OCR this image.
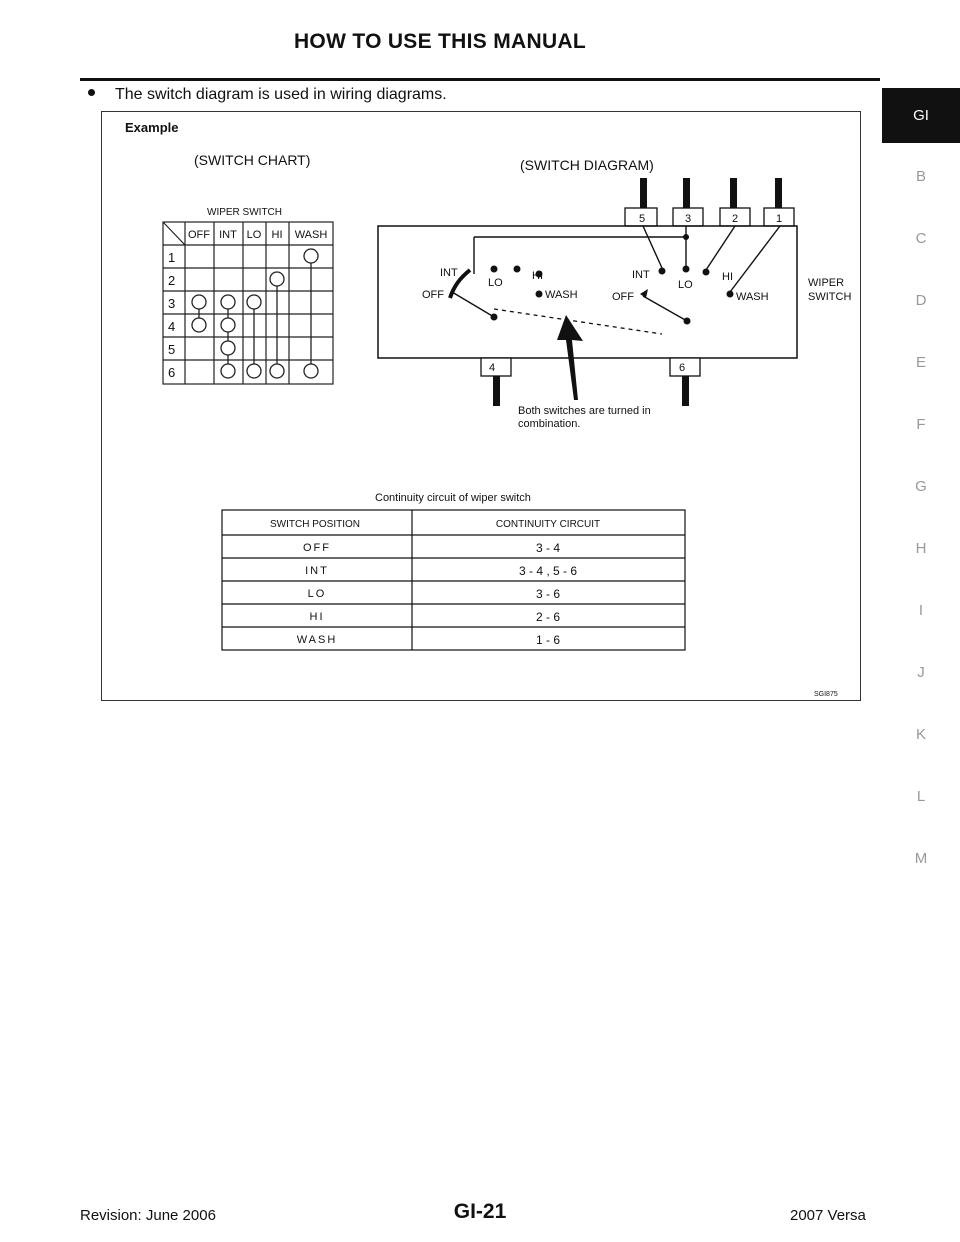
HOW TO USE THIS MANUAL
The switch diagram is used in wiring diagrams.
GI
B
C
D
E
F
G
H
I
J
K
L
M
Example
(SWITCH CHART)
WIPER SWITCH
OFF INT LO HI WASH
1
2
3
4
5
6
(SWITCH DIAGRAM)
5	3	2	1
INT
LO
HI
OFF	WASH
INT
LO
HI
OFF	WASH
WIPER
SWITCH
4	6
Both switches are turned in
combination.
Continuity circuit of wiper switch
SWITCH POSITION	CONTINUITY CIRCUIT
OFF	3 - 4
INT	3 - 4 , 5 - 6
LO	3 - 6
HI	2 - 6
WASH	1 - 6
SGI875
Revision: June 2006	GI-21	2007 Versa
